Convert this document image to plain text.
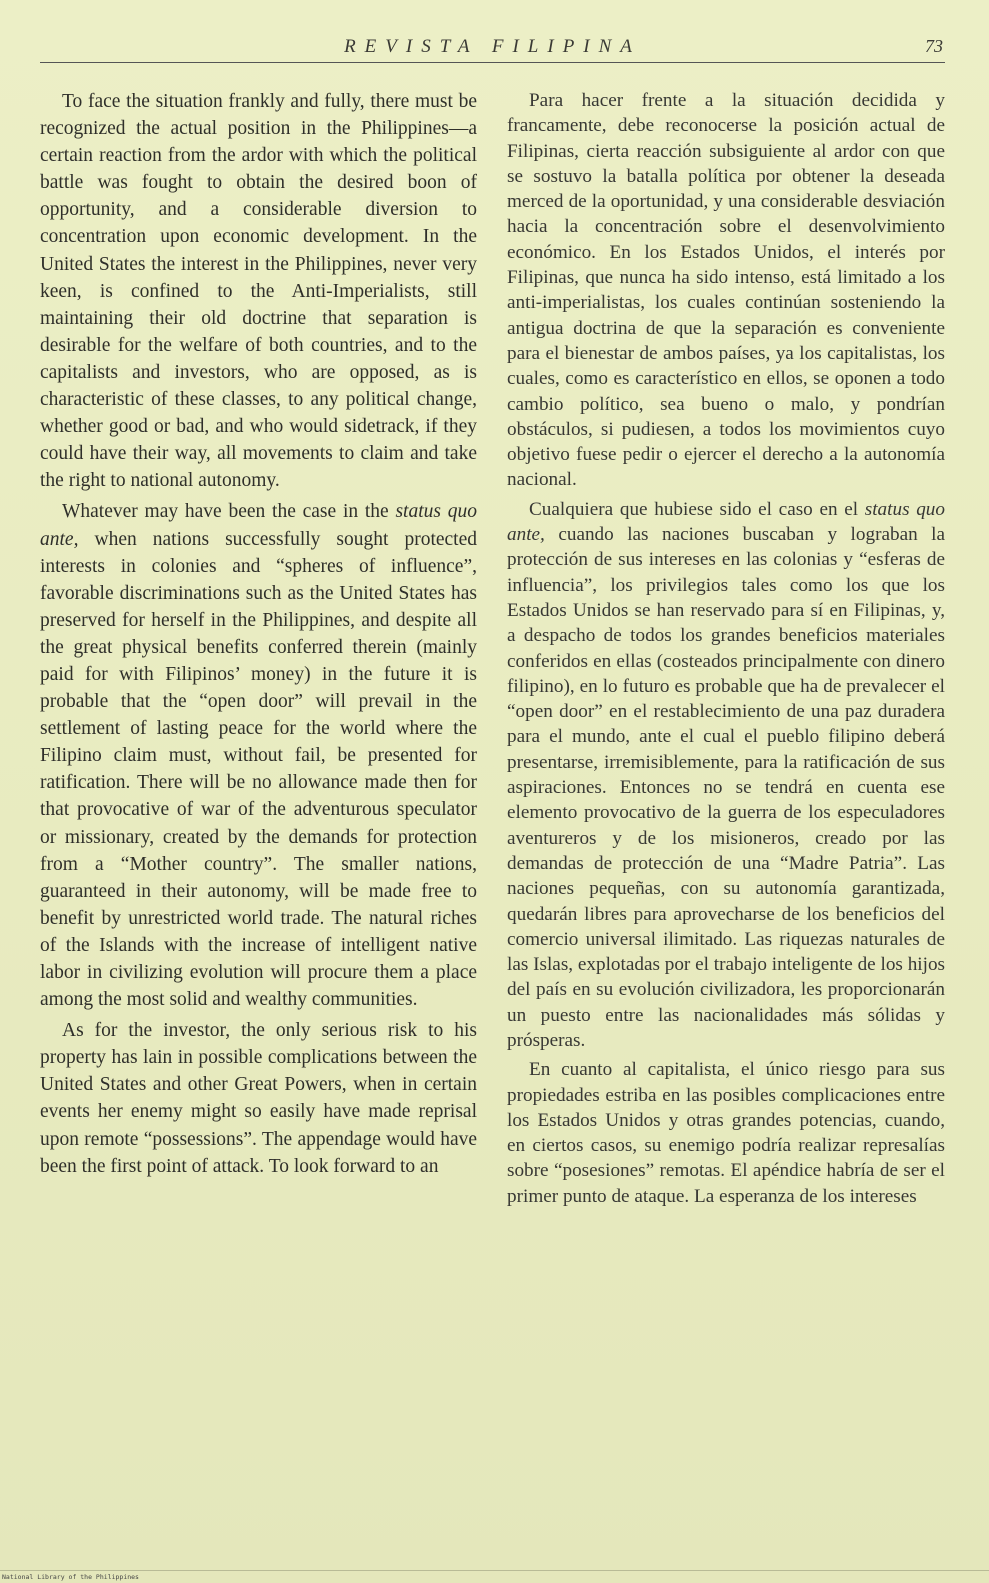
REVISTA FILIPINA	73

To face the situation frankly and fully, there must be recognized the actual position in the Philippines—a certain reaction from the ardor with which the political battle was fought to obtain the desired boon of opportunity, and a considerable diversion to concentration upon economic development. In the United States the interest in the Philippines, never very keen, is confined to the Anti-Imperialists, still maintaining their old doctrine that separation is desirable for the welfare of both countries, and to the capitalists and investors, who are opposed, as is characteristic of these classes, to any political change, whether good or bad, and who would sidetrack, if they could have their way, all movements to claim and take the right to national autonomy.

Whatever may have been the case in the status quo ante, when nations successfully sought protected interests in colonies and “spheres of influence”, favorable discriminations such as the United States has preserved for herself in the Philippines, and despite all the great physical benefits conferred therein (mainly paid for with Filipinos’ money) in the future it is probable that the “open door” will prevail in the settlement of lasting peace for the world where the Filipino claim must, without fail, be presented for ratification. There will be no allowance made then for that provocative of war of the adventurous speculator or missionary, created by the demands for protection from a “Mother country”. The smaller nations, guaranteed in their autonomy, will be made free to benefit by unrestricted world trade. The natural riches of the Islands with the increase of intelligent native labor in civilizing evolution will procure them a place among the most solid and wealthy communities.

As for the investor, the only serious risk to his property has lain in possible complications between the United States and other Great Powers, when in certain events her enemy might so easily have made reprisal upon remote “possessions”. The appendage would have been the first point of attack. To look forward to an

Para hacer frente a la situación decidida y francamente, debe reconocerse la posición actual de Filipinas, cierta reacción subsiguiente al ardor con que se sostuvo la batalla política por obtener la deseada merced de la oportunidad, y una considerable desviación hacia la concentración sobre el desenvolvimiento económico. En los Estados Unidos, el interés por Filipinas, que nunca ha sido intenso, está limitado a los anti-imperialistas, los cuales continúan sosteniendo la antigua doctrina de que la separación es conveniente para el bienestar de ambos países, ya los capitalistas, los cuales, como es característico en ellos, se oponen a todo cambio político, sea bueno o malo, y pondrían obstáculos, si pudiesen, a todos los movimientos cuyo objetivo fuese pedir o ejercer el derecho a la autonomía nacional.

Cualquiera que hubiese sido el caso en el status quo ante, cuando las naciones buscaban y lograban la protección de sus intereses en las colonias y “esferas de influencia”, los privilegios tales como los que los Estados Unidos se han reservado para sí en Filipinas, y, a despacho de todos los grandes beneficios materiales conferidos en ellas (costeados principalmente con dinero filipino), en lo futuro es probable que ha de prevalecer el “open door” en el restablecimiento de una paz duradera para el mundo, ante el cual el pueblo filipino deberá presentarse, irremisiblemente, para la ratificación de sus aspiraciones. Entonces no se tendrá en cuenta ese elemento provocativo de la guerra de los especuladores aventureros y de los misioneros, creado por las demandas de protección de una “Madre Patria”. Las naciones pequeñas, con su autonomía garantizada, quedarán libres para aprovecharse de los beneficios del comercio universal ilimitado. Las riquezas naturales de las Islas, explotadas por el trabajo inteligente de los hijos del país en su evolución civilizadora, les proporcionarán un puesto entre las nacionalidades más sólidas y prósperas.

En cuanto al capitalista, el único riesgo para sus propiedades estriba en las posibles complicaciones entre los Estados Unidos y otras grandes potencias, cuando, en ciertos casos, su enemigo podría realizar represalías sobre “posesiones” remotas. El apéndice habría de ser el primer punto de ataque. La esperanza de los intereses

National Library of the Philippines
